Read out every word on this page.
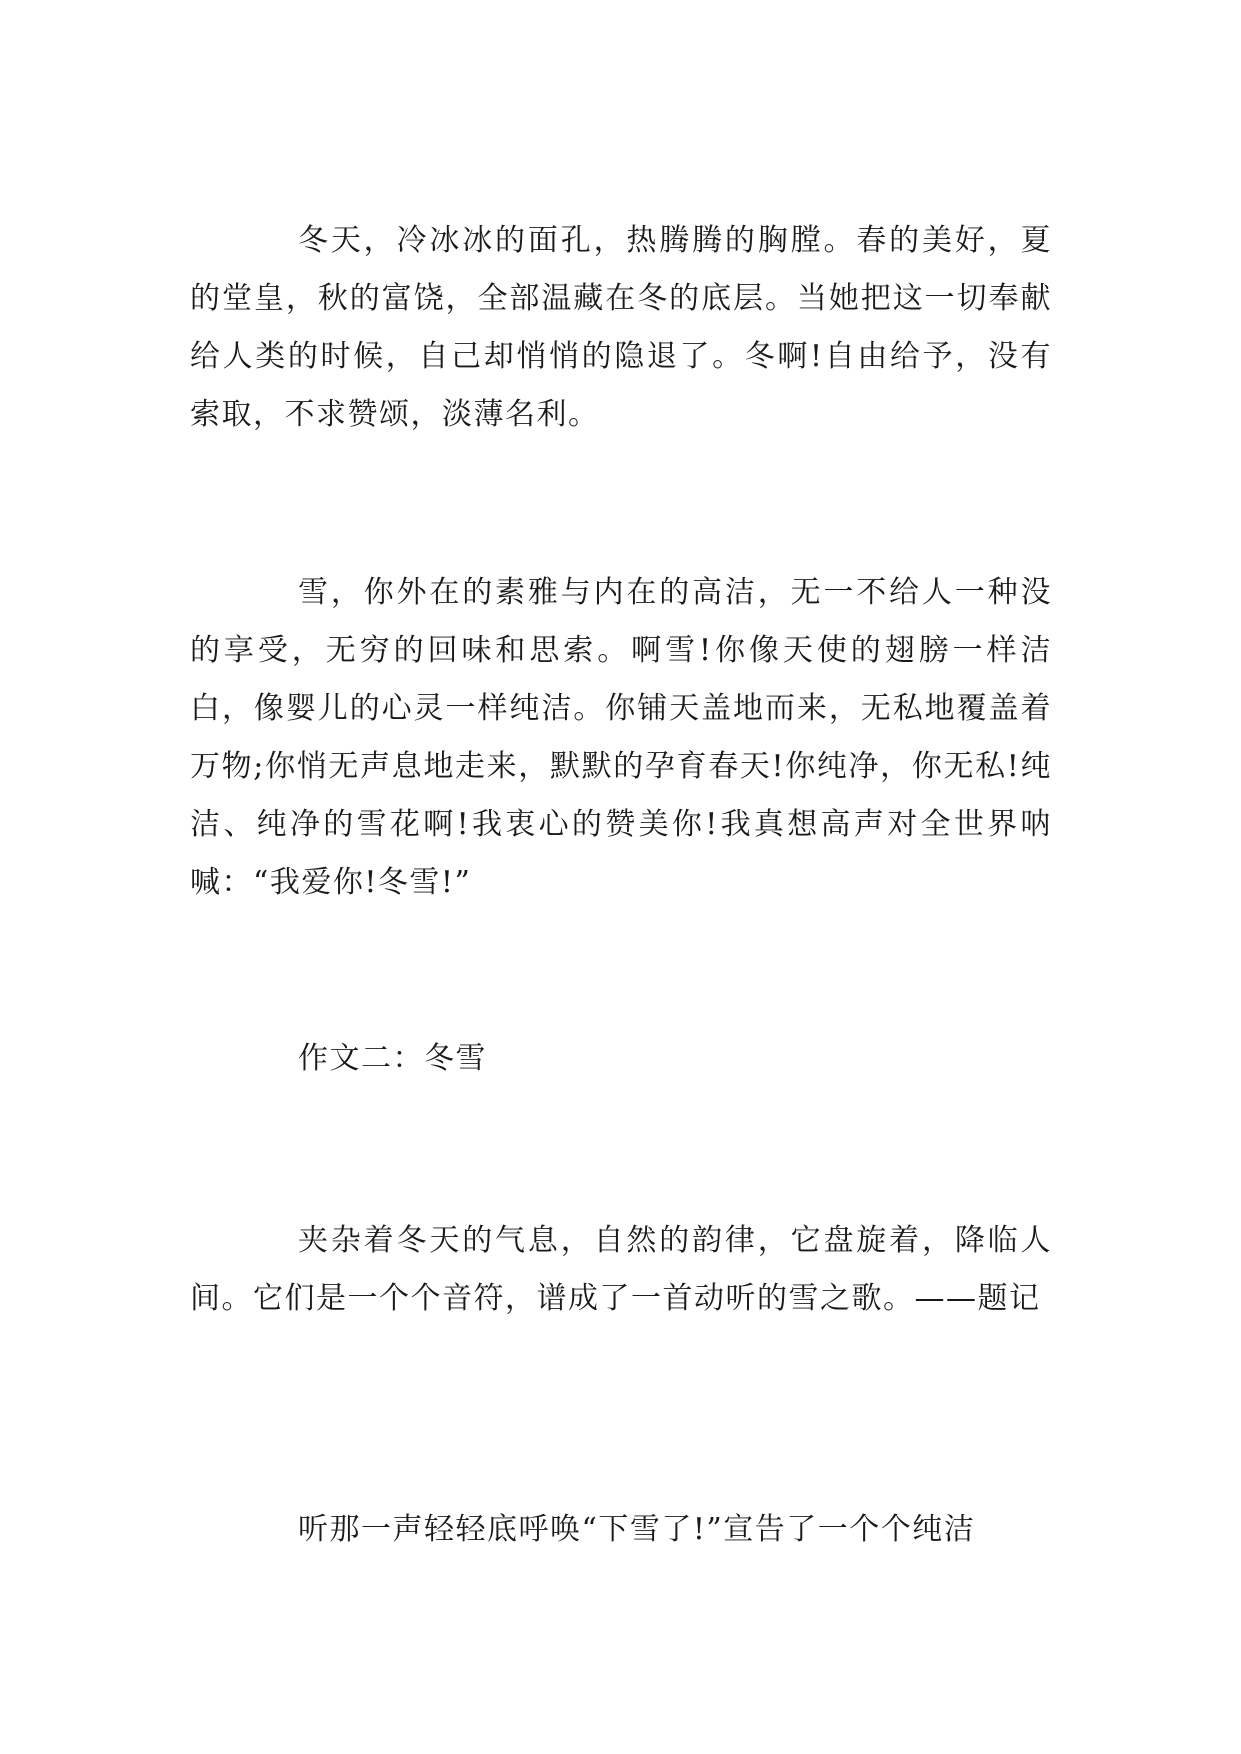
冬天，冷冰冰的面孔，热腾腾的胸膛。春的美好，夏的堂皇，秋的富饶，全部温藏在冬的底层。当她把这一切奉献给人类的时候，自己却悄悄的隐退了。冬啊!自由给予，没有索取，不求赞颂，淡薄名利。

雪，你外在的素雅与内在的高洁，无一不给人一种没的享受，无穷的回味和思索。啊雪!你像天使的翅膀一样洁白，像婴儿的心灵一样纯洁。你铺天盖地而来，无私地覆盖着万物;你悄无声息地走来，默默的孕育春天!你纯净，你无私!纯洁、纯净的雪花啊!我衷心的赞美你!我真想高声对全世界呐喊：“我爱你!冬雪!”

作文二：冬雪

夹杂着冬天的气息，自然的韵律，它盘旋着，降临人间。它们是一个个音符，谱成了一首动听的雪之歌。——题记

听那一声轻轻底呼唤“下雪了!”宣告了一个个纯洁
